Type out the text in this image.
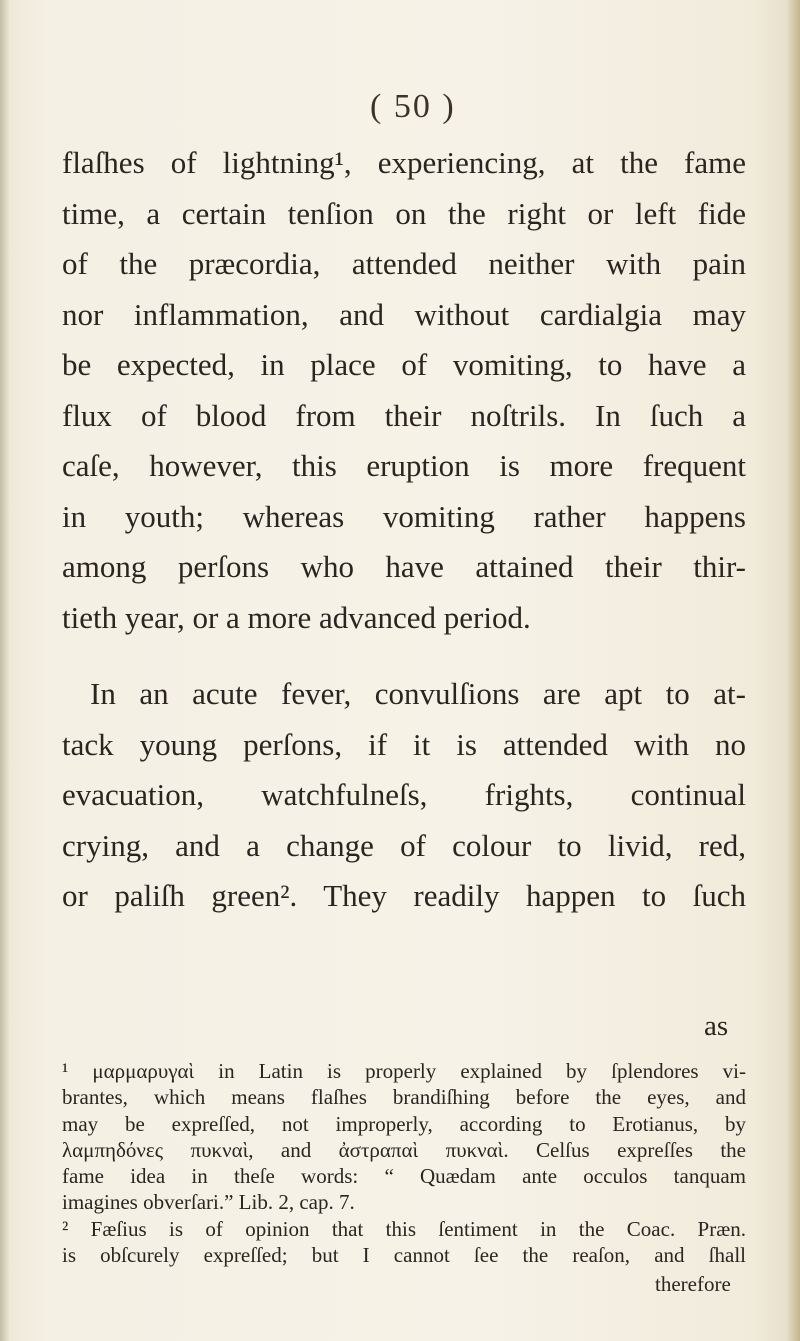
( 50 )
flaſhes of lightning¹, experiencing, at the fame
time, a certain tenſion on the right or left fide
of the præcordia, attended neither with pain
nor inflammation, and without cardialgia may
be expected, in place of vomiting, to have a
flux of blood from their noſtrils. In ſuch a
caſe, however, this eruption is more frequent
in youth; whereas vomiting rather happens
among perſons who have attained their thir-
tieth year, or a more advanced period.
In an acute fever, convulſions are apt to at-
tack young perſons, if it is attended with no
evacuation, watchfulneſs, frights, continual
crying, and a change of colour to livid, red,
or paliſh green². They readily happen to ſuch
as
¹ μαρμαρυγαὶ in Latin is properly explained by ſplendores vi-
brantes, which means flaſhes brandiſhing before the eyes, and
may be expreſſed, not improperly, according to Erotianus, by
λαμπηδόνες πυκναὶ, and ἀστραπαὶ πυκναὶ. Celſus expreſſes the
fame idea in theſe words: “ Quædam ante occulos tanquam
imagines obverſari.” Lib. 2, cap. 7.
² Fæſius is of opinion that this ſentiment in the Coac. Præn.
is obſcurely expreſſed; but I cannot ſee the reaſon, and ſhall
therefore
